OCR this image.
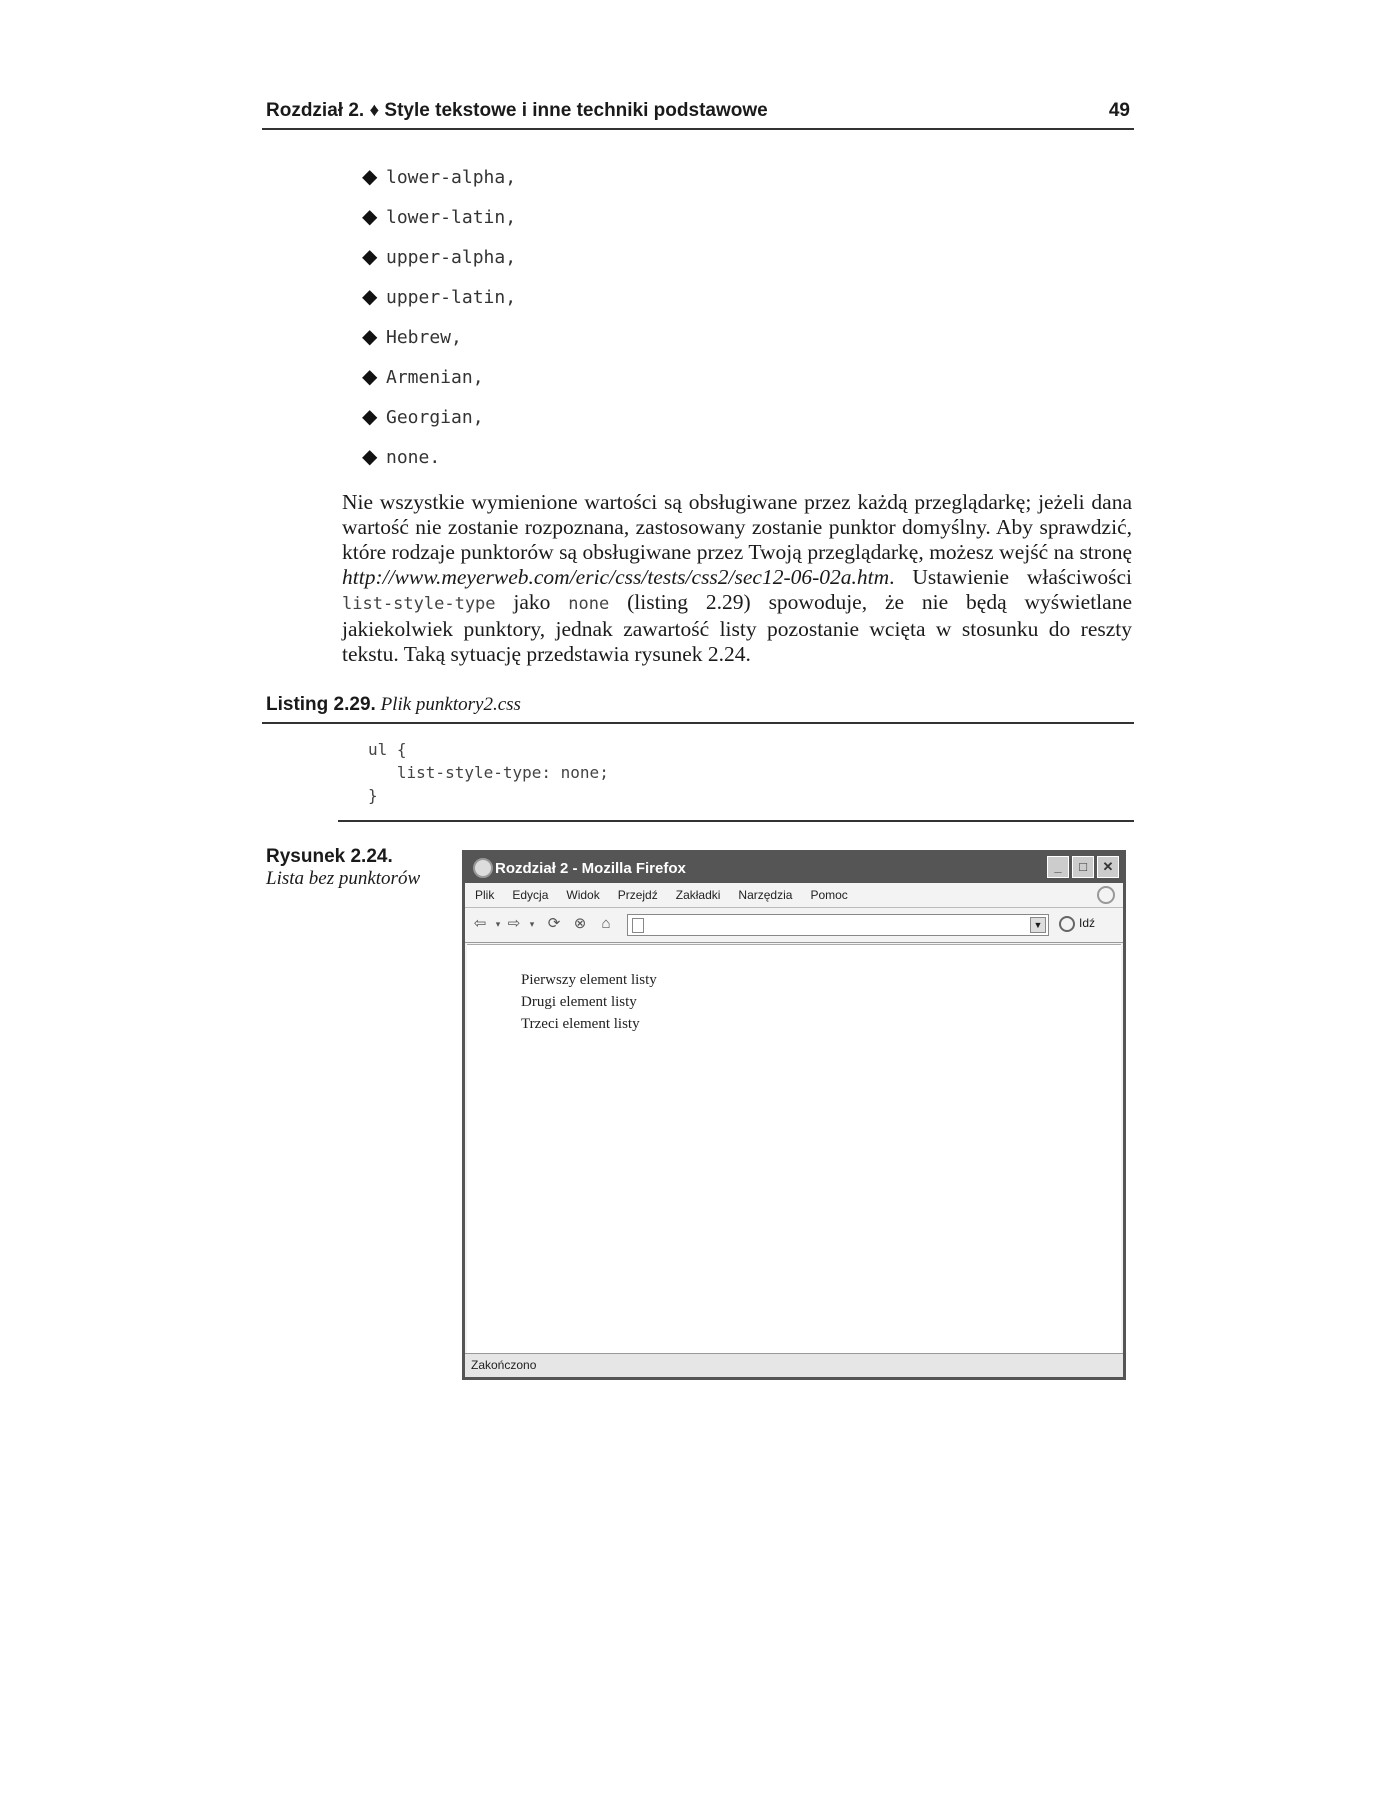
Rozdział 2. ♦ Style tekstowe i inne techniki podstawowe	49
◆ lower-alpha,
◆ lower-latin,
◆ upper-alpha,
◆ upper-latin,
◆ Hebrew,
◆ Armenian,
◆ Georgian,
◆ none.

Nie wszystkie wymienione wartości są obsługiwane przez każdą przeglądarkę; jeżeli dana wartość nie zostanie rozpoznana, zastosowany zostanie punktor domyślny. Aby sprawdzić, które rodzaje punktorów są obsługiwane przez Twoją przeglądarkę, możesz wejść na stronę http://www.meyerweb.com/eric/css/tests/css2/sec12-06-02a.htm. Ustawienie właściwości list-style-type jako none (listing 2.29) spowoduje, że nie będą wyświetlane jakiekolwiek punktory, jednak zawartość listy pozostanie wcięta w stosunku do reszty tekstu. Taką sytuację przedstawia rysunek 2.24.

Listing 2.29. Plik punktory2.css
ul {
list-style-type: none;
}
Rysunek 2.24.
Lista bez punktorów	Rozdział 2 - Mozilla Firefox	_	□	✕
Plik Edycja Widok Przejdź Zakładki Narzędzia Pomoc
⇦	▾ ⇨	▾ ⟳ ⊗ ⌂	▼	Idź
Pierwszy element listy
Drugi element listy
Trzeci element listy
Zakończono
